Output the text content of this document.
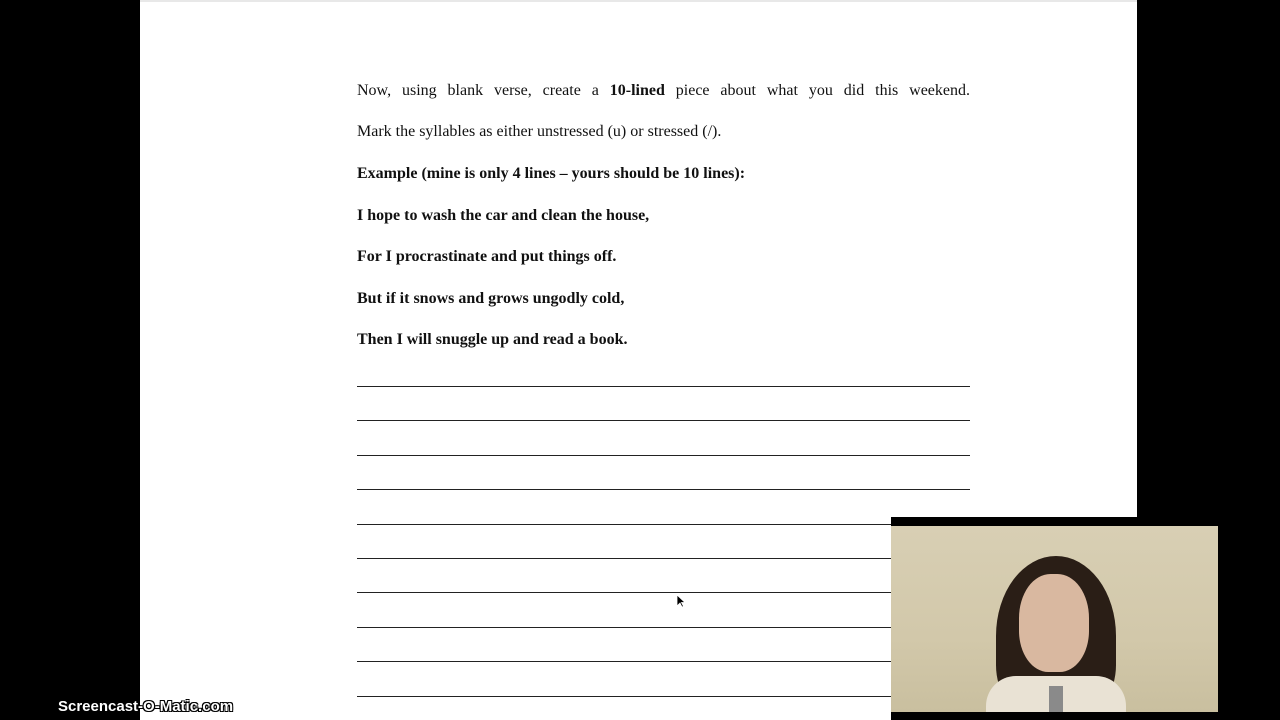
Now, using blank verse, create a 10-lined piece about what you did this weekend.
Mark the syllables as either unstressed (u) or stressed (/).
Example (mine is only 4 lines – yours should be 10 lines):
I hope to wash the car and clean the house,
For I procrastinate and put things off.
But if it snows and grows ungodly cold,
Then I will snuggle up and read a book.
Screencast-O-Matic.com
